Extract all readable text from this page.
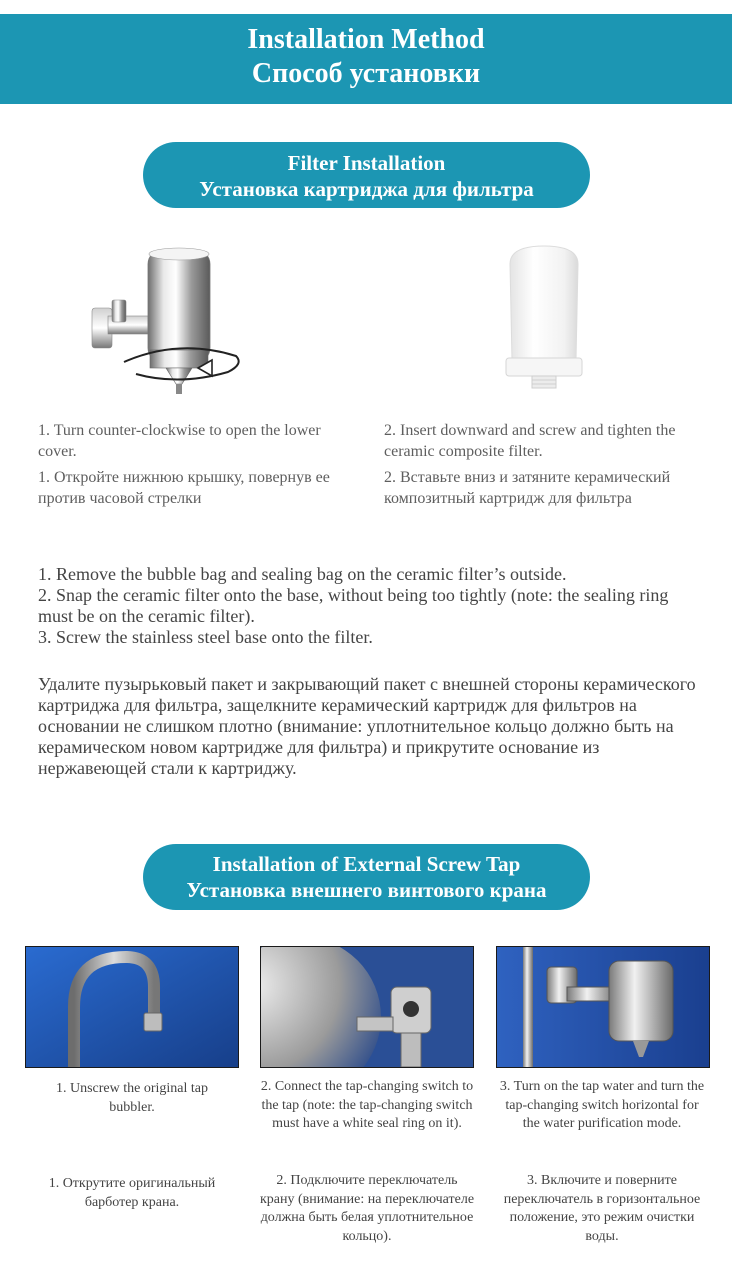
Installation Method
Способ установки
Filter Installation
Установка картриджа для фильтра
1. Turn counter-clockwise to open the lower cover.
1. Откройте нижнюю крышку, повернув ее против часовой стрелки
2. Insert downward and screw and tighten the ceramic composite filter.
2. Вставьте вниз и затяните керамический композитный картридж для фильтра
1. Remove the bubble bag and sealing bag on the ceramic filter’s outside.
2. Snap the ceramic filter onto the base, without being too tightly (note: the sealing ring must be on the ceramic filter).
3. Screw the stainless steel base onto the filter.
Удалите пузырьковый пакет и закрывающий пакет с внешней стороны керамического картриджа для фильтра, защелкните керамический картридж для фильтров на основании не слишком плотно (внимание: уплотнительное кольцо должно быть на керамическом новом картридже для фильтра) и прикрутите основание из нержавеющей стали к картриджу.
Installation of External Screw Tap
Установка внешнего винтового крана
1. Unscrew the original tap bubbler.
1. Открутите оригинальный барботер крана.
2. Connect the tap-changing switch to the tap (note: the tap-changing switch must have a white seal ring on it).
2. Подключите переключатель крану (внимание: на переключателе должна быть белая уплотнительное кольцо).
3. Turn on the tap water and turn the tap-changing switch horizontal for the water purification mode.
3. Включите и поверните переключатель в горизонтальное положение, это режим очистки воды.
